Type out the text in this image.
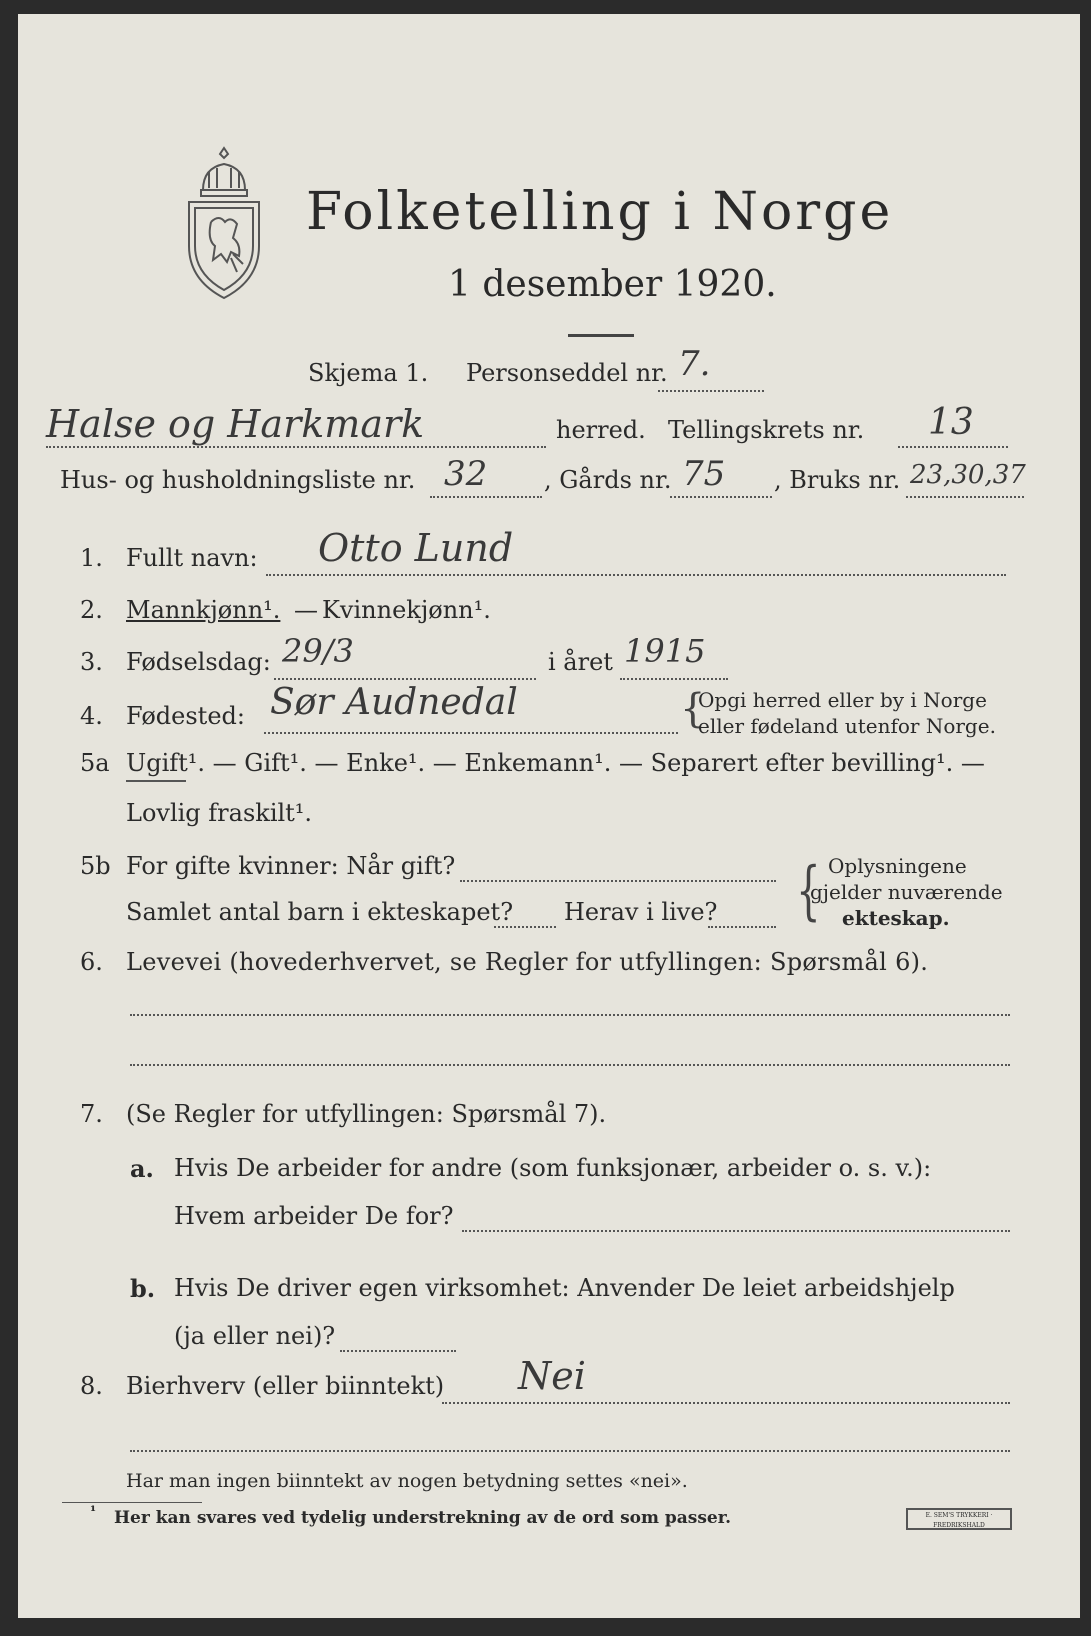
Folketelling i Norge
1 desember 1920.
Skjema 1. Personseddel nr. 7.
Halse og Harkmark	herred. Tellingskrets nr. 13
Hus- og husholdningsliste nr. 32 , Gårds nr. 75 , Bruks nr. 23,30,37
1. Fullt navn: Otto Lund
2. Mannkjønn¹. — Kvinnekjønn¹.
3. Fødselsdag: 29/3	i året 1915
4. Fødested: Sør Audnedal	{
Opgi herred eller by i Norge
eller fødeland utenfor Norge.
5a Ugift¹. — Gift¹. — Enke¹. — Enkemann¹. — Separert efter bevilling¹. —
Lovlig fraskilt¹.
5b For gifte kvinner: Når gift?
Samlet antal barn i ekteskapet? Herav i live? { Oplysningene
gjelder nuværende
ekteskap.
6. Levevei (hovederhvervet, se Regler for utfyllingen: Spørsmål 6).
7. (Se Regler for utfyllingen: Spørsmål 7).
a. Hvis De arbeider for andre (som funksjonær, arbeider o. s. v.):
Hvem arbeider De for?
b. Hvis De driver egen virksomhet: Anvender De leiet arbeidshjelp
(ja eller nei)?
8. Bierhverv (eller biinntekt) Nei
Har man ingen biinntekt av nogen betydning settes «nei».
¹ Her kan svares ved tydelig understrekning av de ord som passer.	E. SEM'S TRYKKERI · FREDRIKSHALD
